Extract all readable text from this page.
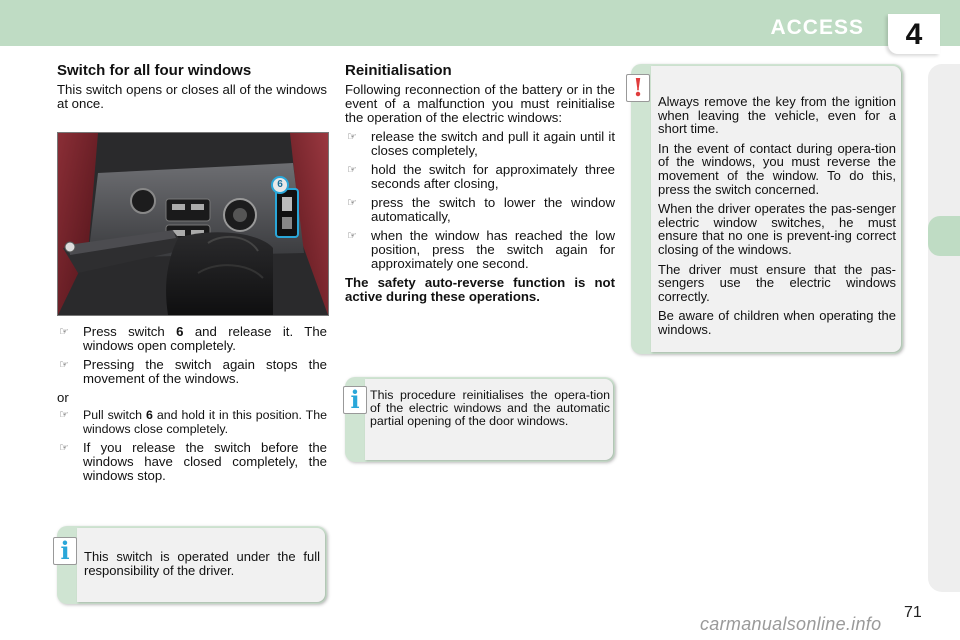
ACCESS	4
Switch for all four windows

This switch opens or closes all of the windows at once.

6
☞	Press switch 6 and release it. The windows open completely.
☞	Pressing the switch again stops the movement of the windows.
or
☞	Pull switch 6 and hold it in this position. The windows close completely.
☞	If you release the switch before the windows have closed completely, the windows stop.
This switch is operated under the full responsibility of the driver.
i
Reinitialisation

Following reconnection of the battery or in the event of a malfunction you must reinitialise the operation of the electric windows:

☞	release the switch and pull it again until it closes completely,
☞	hold the switch for approximately three seconds after closing,
☞	press the switch to lower the window automatically,
☞	when the window has reached the low position, press the switch again for approximately one second.

The safety auto-reverse function is not active during these operations.

This procedure reinitialises the opera-tion of the electric windows and the automatic partial opening of the door windows.
i

Always remove the key from the ignition when leaving the vehicle, even for a short time.

In the event of contact during opera-tion of the windows, you must reverse the movement of the window. To do this, press the switch concerned.

When the driver operates the pas-senger electric window switches, he must ensure that no one is prevent-ing correct closing of the windows.

The driver must ensure that the pas-sengers use the electric windows correctly.

Be aware of children when operating the windows.

!
71
carmanualsonline.info
